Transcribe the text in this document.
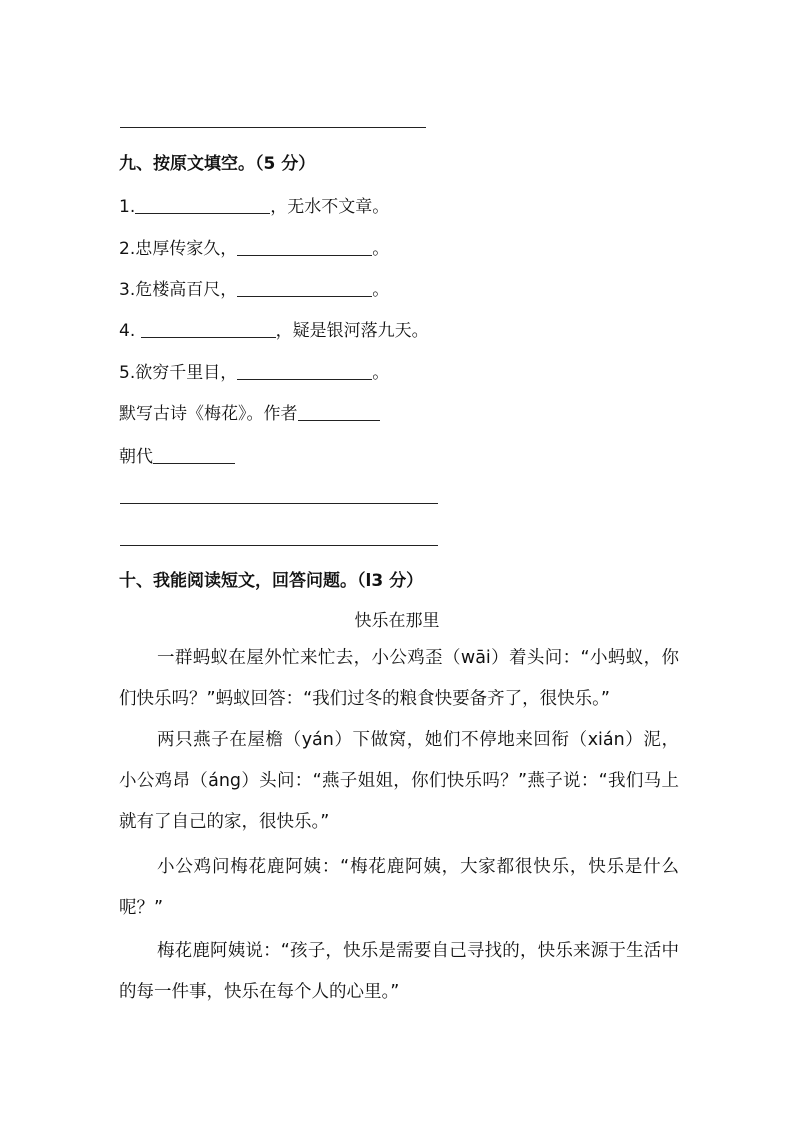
九、按原文填空。（5 分）
1.	，无水不文章。
2.忠厚传家久，	。
3.危楼高百尺，	。
4.	，疑是银河落九天。
5.欲穷千里目，	。
默写古诗《梅花》。作者
朝代
十、我能阅读短文，回答问题。（l3 分）
快乐在那里
一群蚂蚁在屋外忙来忙去，小公鸡歪（wāi）着头问：“小蚂蚁，你们快乐吗？”蚂蚁回答：“我们过冬的粮食快要备齐了，很快乐。”
两只燕子在屋檐（yán）下做窝，她们不停地来回衔（xián）泥，小公鸡昂（áng）头问：“燕子姐姐，你们快乐吗？”燕子说：“我们马上就有了自己的家，很快乐。”
小公鸡问梅花鹿阿姨：“梅花鹿阿姨，大家都很快乐，快乐是什么呢？”
梅花鹿阿姨说：“孩子，快乐是需要自己寻找的，快乐来源于生活中的每一件事，快乐在每个人的心里。”
